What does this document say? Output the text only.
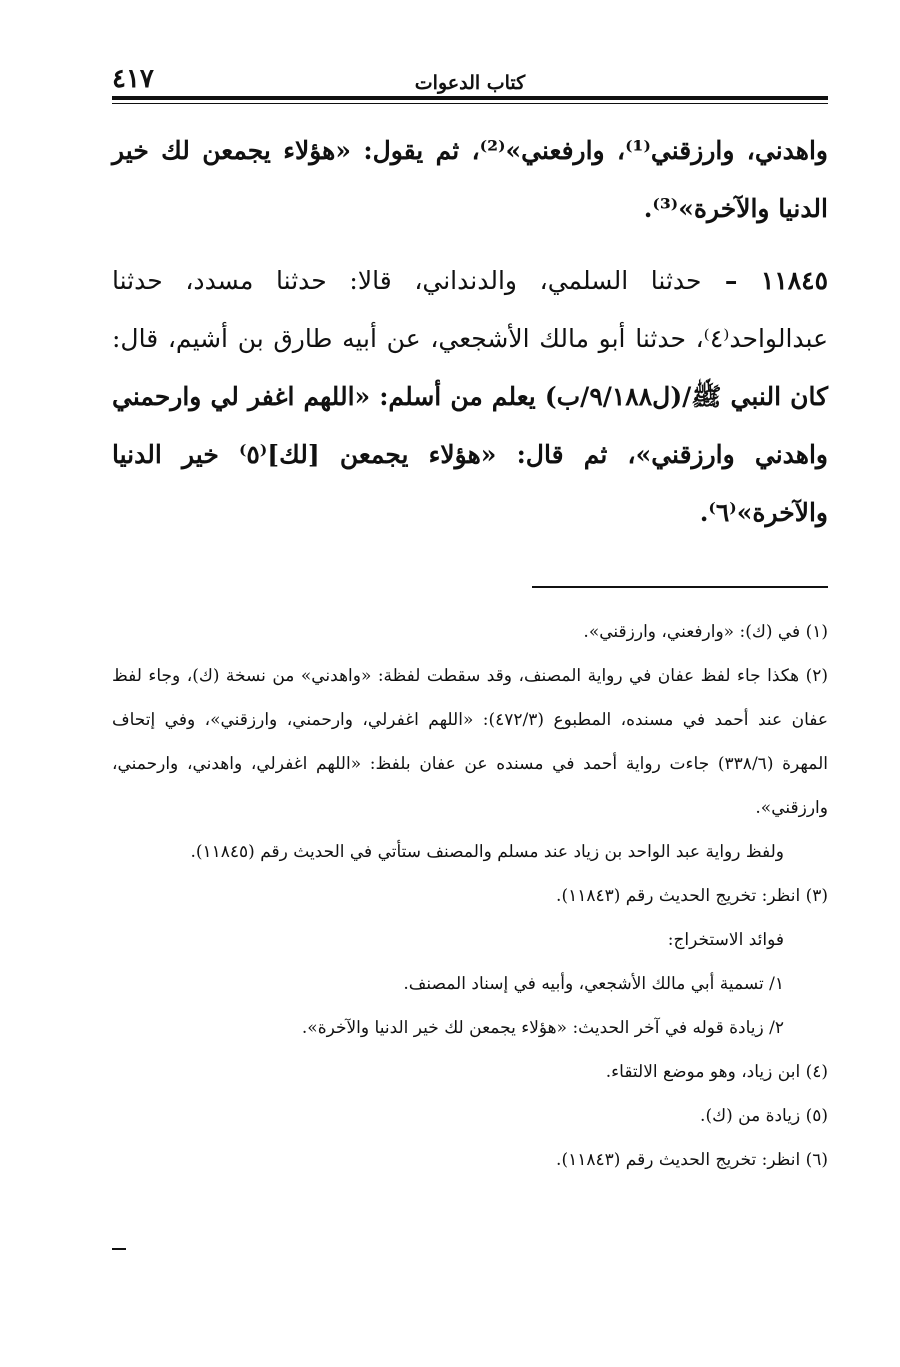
٤١٧	كتاب الدعوات

واهدني، وارزقني⁽¹⁾، وارفعني»⁽²⁾، ثم يقول: «هؤلاء يجمعن لك خير الدنيا والآخرة»⁽³⁾.

١١٨٤٥ – حدثنا السلمي، والدنداني، قالا: حدثنا مسدد، حدثنا عبدالواحد⁽٤⁾، حدثنا أبو مالك الأشجعي، عن أبيه طارق بن أشيم، قال: كان النبي ﷺ/(ل٩/١٨٨/ب) يعلم من أسلم: «اللهم اغفر لي وارحمني واهدني وارزقني»، ثم قال: «هؤلاء يجمعن [لك]⁽٥⁾ خير الدنيا والآخرة»⁽٦⁾.

(١) في (ك): «وارفعني، وارزقني».

(٢) هكذا جاء لفظ عفان في رواية المصنف، وقد سقطت لفظة: «واهدني» من نسخة (ك)، وجاء لفظ عفان عند أحمد في مسنده، المطبوع (٤٧٢/٣): «اللهم اغفرلي، وارحمني، وارزقني»، وفي إتحاف المهرة (٣٣٨/٦) جاءت رواية أحمد في مسنده عن عفان بلفظ: «اللهم اغفرلي، واهدني، وارحمني، وارزقني».

ولفظ رواية عبد الواحد بن زياد عند مسلم والمصنف ستأتي في الحديث رقم (١١٨٤٥).

(٣) انظر: تخريج الحديث رقم (١١٨٤٣).

فوائد الاستخراج:

١/ تسمية أبي مالك الأشجعي، وأبيه في إسناد المصنف.

٢/ زيادة قوله في آخر الحديث: «هؤلاء يجمعن لك خير الدنيا والآخرة».

(٤) ابن زياد، وهو موضع الالتقاء.

(٥) زيادة من (ك).

(٦) انظر: تخريج الحديث رقم (١١٨٤٣).
